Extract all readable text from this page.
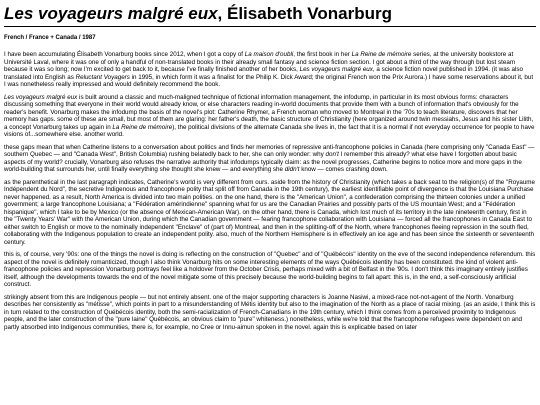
Les voyageurs malgré eux, Élisabeth Vonarburg
French / France + Canada / 1987

I have been accumulating Élisabeth Vonarburg books since 2012, when I got a copy of La maison d'oubli, the first book in her La Reine de mémoire series, at the university bookstore at Université Laval, where it was one of only a handful of non-translated books in their already small fantasy and science fiction section. I got about a third of the way through but lost steam because it was so long; now I'm excited to get back to it, because I've finally finished another of her books, Les voyageurs malgré eux, a science fiction novel published in 1994. (it was also translated into English as Reluctant Voyagers in 1995, in which form it was a finalist for the Philip K. Dick Award; the original French won the Prix Aurora.) I have some reservations about it, but I was nonetheless really impressed and would definitely recommend the book.

Les voyageurs malgré eux is built around a classic and much-maligned technique of fictional information management, the infodump, in particular in its most obvious forms: characters discussing something that everyone in their world would already know, or else characters reading in-world documents that provide them with a bunch of information that's obviously for the reader's benefit. Vonarburg makes the infodump the basis of the novel's plot: Catherine Rhymer, a French woman who moved to Montreal in the '70s to teach literature, discovers that her memory has gaps. some of these are small, but most of them are glaring: her father's death, the basic structure of Christianity (here organized around twin messiahs, Jesus and his sister Lilith, a concept Vonarburg takes up again in La Reine de mémoire), the political divisions of the alternate Canada she lives in, the fact that it is a normal if not everyday occurrence for people to have visions of...somewhere else. another world.

these gaps mean that when Catherine listens to a conversation about politics and finds her memories of repressive anti-francophone policies in Canada (here comprising only "Canada East" — southern Quebec — and "Canada West", British Columbia) rushing belatedly back to her, she can only wonder: why don't I remember this already? what else have I forgotten about basic aspects of my world? crucially, Vonarburg also refuses the narrative authority that infodumps typically claim: as the novel progresses, Catherine begins to notice more and more gaps in the world-building that surrounds her, until finally everything she thought she knew — and everything she didn't know — comes crashing down.

as the parenthetical in the last paragraph indicates, Catherine's world is very different from ours. aside from the history of Christianity (which takes a back seat to the religion(s) of the "Royaume Indépendent du Nord", the secretive Indigenous and francophone polity that split off from Canada in the 19th century), the earliest identifiable point of divergence is that the Louisiana Purchase never happened. as a result, North America is divided into two main polities. on the one hand, there is the "American Union", a confederation comprising the thirteen colonies under a unified government; a large francophone Louisiana; a "Fédération amérindienne" spanning what for us are the Canadian Prairies and possibly parts of the US mountain West; and a "Fédération hispanique", which I take to be by Mexico (or the absence of Mexican-American War). on the other hand, there is Canada, which lost much of its territory in the late nineteenth century, first in the "Twenty Years' War" with the American Union, during which the Canadian government — fearing francophone collaboration with Louisiana — forced all the francophones in Canada East to either switch to English or move to the nominally independent "Enclave" of (part of) Montreal, and then in the splitting-off of the North, where francophones fleeing repression in the south fled, collaborating with the Indigenous population to create an independent polity. also, much of the Northern Hemisphere is in effectively an ice age and has been since the sixteenth or seventeenth century.

this is, of course, very '90s: one of the things the novel is doing is reflecting on the construction of "Quebec" and of "Québécois" identity on the eve of the second independence referendum. this aspect of the novel is definitely romanticized, though I also think Vonarburg hits on some interesting elements of the ways Québécois identity has been constituted. the kind of violent anti-francophone policies and repression Vonarburg portrays feel like a holdover from the October Crisis, perhaps mixed with a bit of Belfast in the '90s. I don't think this imaginary entirely justifies itself, although the developments towards the end of the novel mitigate some of this precisely because the world-building begins to fall apart: this is, in the end, a self-consciously artificial construct.

strikingly absent from this are Indigenous people — but not entirely absent. one of the major supporting characters is Joanne Nasiwi, a mixed-race not-not-agent of the North. Vonarburg describes her consistently as "métisse", which points in part to a misunderstanding of Métis identity but also to the imagination of the North as a place of racial mixing. (as an aside, I think this is in turn related to the construction of Québécois identity, both the semi-racialization of French-Canadians in the 19th century, which I think comes from a perceived proximity to Indigenous people, and the later construction of the "pure laine" Québécois, an obvious claim to "pure" whiteness.) nonetheless, while we're told that the francophone refugees were dependent on and partly absorbed into Indigenous communities, there is, for example, no Cree or Innu-aimun spoken in the novel. again this is explicable based on later
